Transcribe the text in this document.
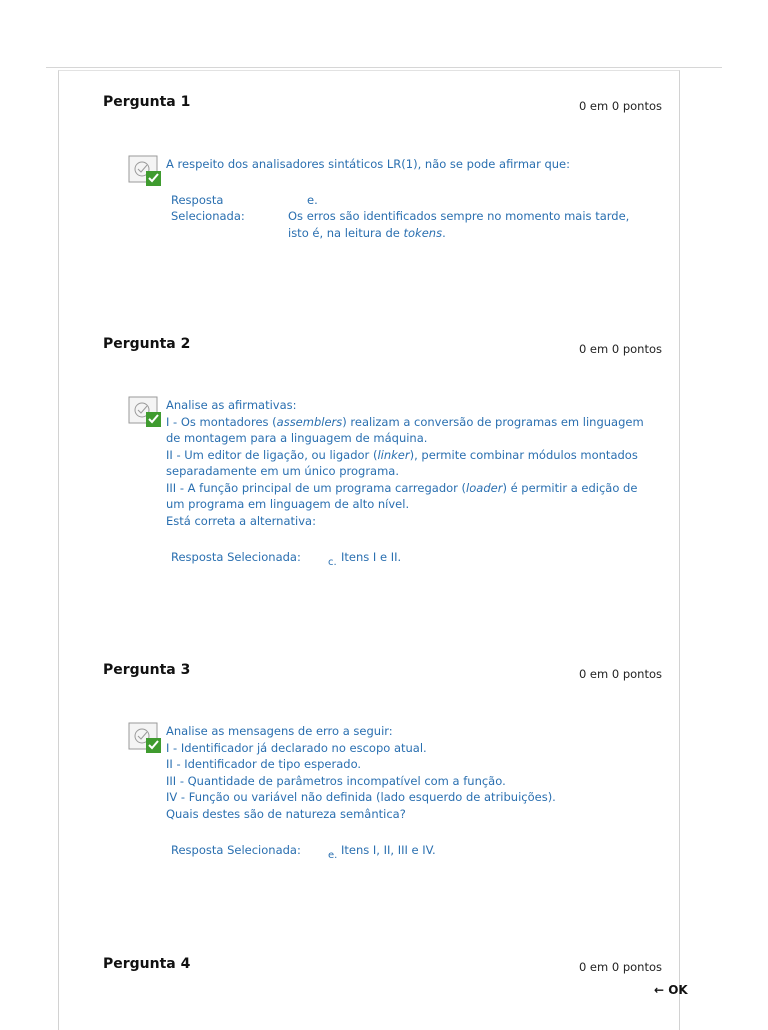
Pergunta 1	0 em 0 pontos
A respeito dos analisadores sintáticos LR(1), não se pode afirmar que:
Resposta
Selecionada:
e.
Os erros são identificados sempre no momento mais tarde,
isto é, na leitura de tokens.
Pergunta 2	0 em 0 pontos
Analise as afirmativas:
I - Os montadores (assemblers) realizam a conversão de programas em linguagem
de montagem para a linguagem de máquina.
II - Um editor de ligação, ou ligador (linker), permite combinar módulos montados
separadamente em um único programa.
III - A função principal de um programa carregador (loader) é permitir a edição de
um programa em linguagem de alto nível.
Está correta a alternativa:
Resposta Selecionada:	c. Itens I e II.
Pergunta 3	0 em 0 pontos
Analise as mensagens de erro a seguir:
I - Identificador já declarado no escopo atual.
II - Identificador de tipo esperado.
III - Quantidade de parâmetros incompatível com a função.
IV - Função ou variável não definida (lado esquerdo de atribuições).
Quais destes são de natureza semântica?
Resposta Selecionada:	e. Itens I, II, III e IV.
Pergunta 4	0 em 0 pontos
← OK
